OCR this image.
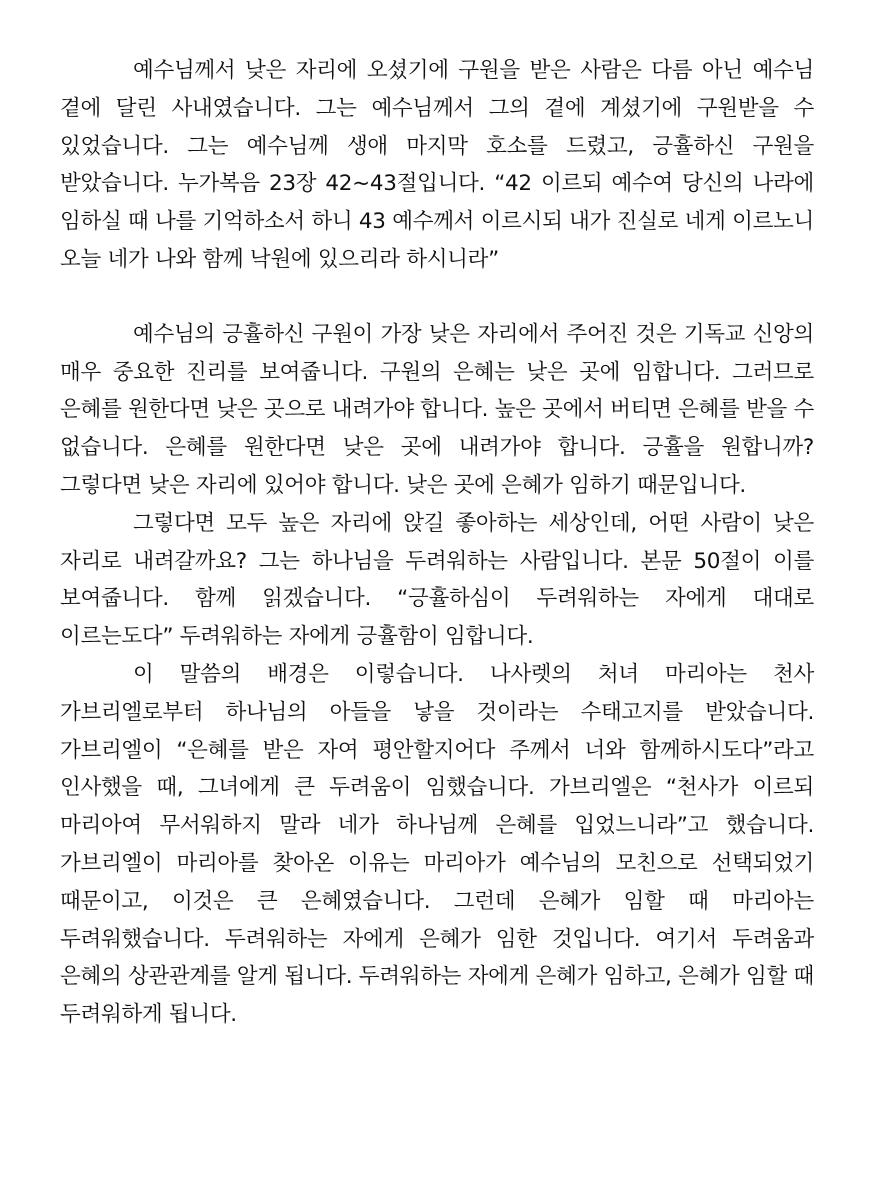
예수님께서 낮은 자리에 오셨기에 구원을 받은 사람은 다름 아닌 예수님 곁에 달린 사내였습니다. 그는 예수님께서 그의 곁에 계셨기에 구원받을 수 있었습니다. 그는 예수님께 생애 마지막 호소를 드렸고, 긍휼하신 구원을 받았습니다. 누가복음 23장 42~43절입니다. “42 이르되 예수여 당신의 나라에 임하실 때 나를 기억하소서 하니 43 예수께서 이르시되 내가 진실로 네게 이르노니 오늘 네가 나와 함께 낙원에 있으리라 하시니라”

예수님의 긍휼하신 구원이 가장 낮은 자리에서 주어진 것은 기독교 신앙의 매우 중요한 진리를 보여줍니다. 구원의 은혜는 낮은 곳에 임합니다. 그러므로 은혜를 원한다면 낮은 곳으로 내려가야 합니다. 높은 곳에서 버티면 은혜를 받을 수 없습니다. 은혜를 원한다면 낮은 곳에 내려가야 합니다. 긍휼을 원합니까? 그렇다면 낮은 자리에 있어야 합니다. 낮은 곳에 은혜가 임하기 때문입니다.

그렇다면 모두 높은 자리에 앉길 좋아하는 세상인데, 어떤 사람이 낮은 자리로 내려갈까요? 그는 하나님을 두려워하는 사람입니다. 본문 50절이 이를 보여줍니다. 함께 읽겠습니다. “긍휼하심이 두려워하는 자에게 대대로 이르는도다” 두려워하는 자에게 긍휼함이 임합니다.

이 말씀의 배경은 이렇습니다. 나사렛의 처녀 마리아는 천사 가브리엘로부터 하나님의 아들을 낳을 것이라는 수태고지를 받았습니다. 가브리엘이 “은혜를 받은 자여 평안할지어다 주께서 너와 함께하시도다”라고 인사했을 때, 그녀에게 큰 두려움이 임했습니다. 가브리엘은 “천사가 이르되 마리아여 무서워하지 말라 네가 하나님께 은혜를 입었느니라”고 했습니다. 가브리엘이 마리아를 찾아온 이유는 마리아가 예수님의 모친으로 선택되었기 때문이고, 이것은 큰 은혜였습니다. 그런데 은혜가 임할 때 마리아는 두려워했습니다. 두려워하는 자에게 은혜가 임한 것입니다. 여기서 두려움과 은혜의 상관관계를 알게 됩니다. 두려워하는 자에게 은혜가 임하고, 은혜가 임할 때 두려워하게 됩니다.
